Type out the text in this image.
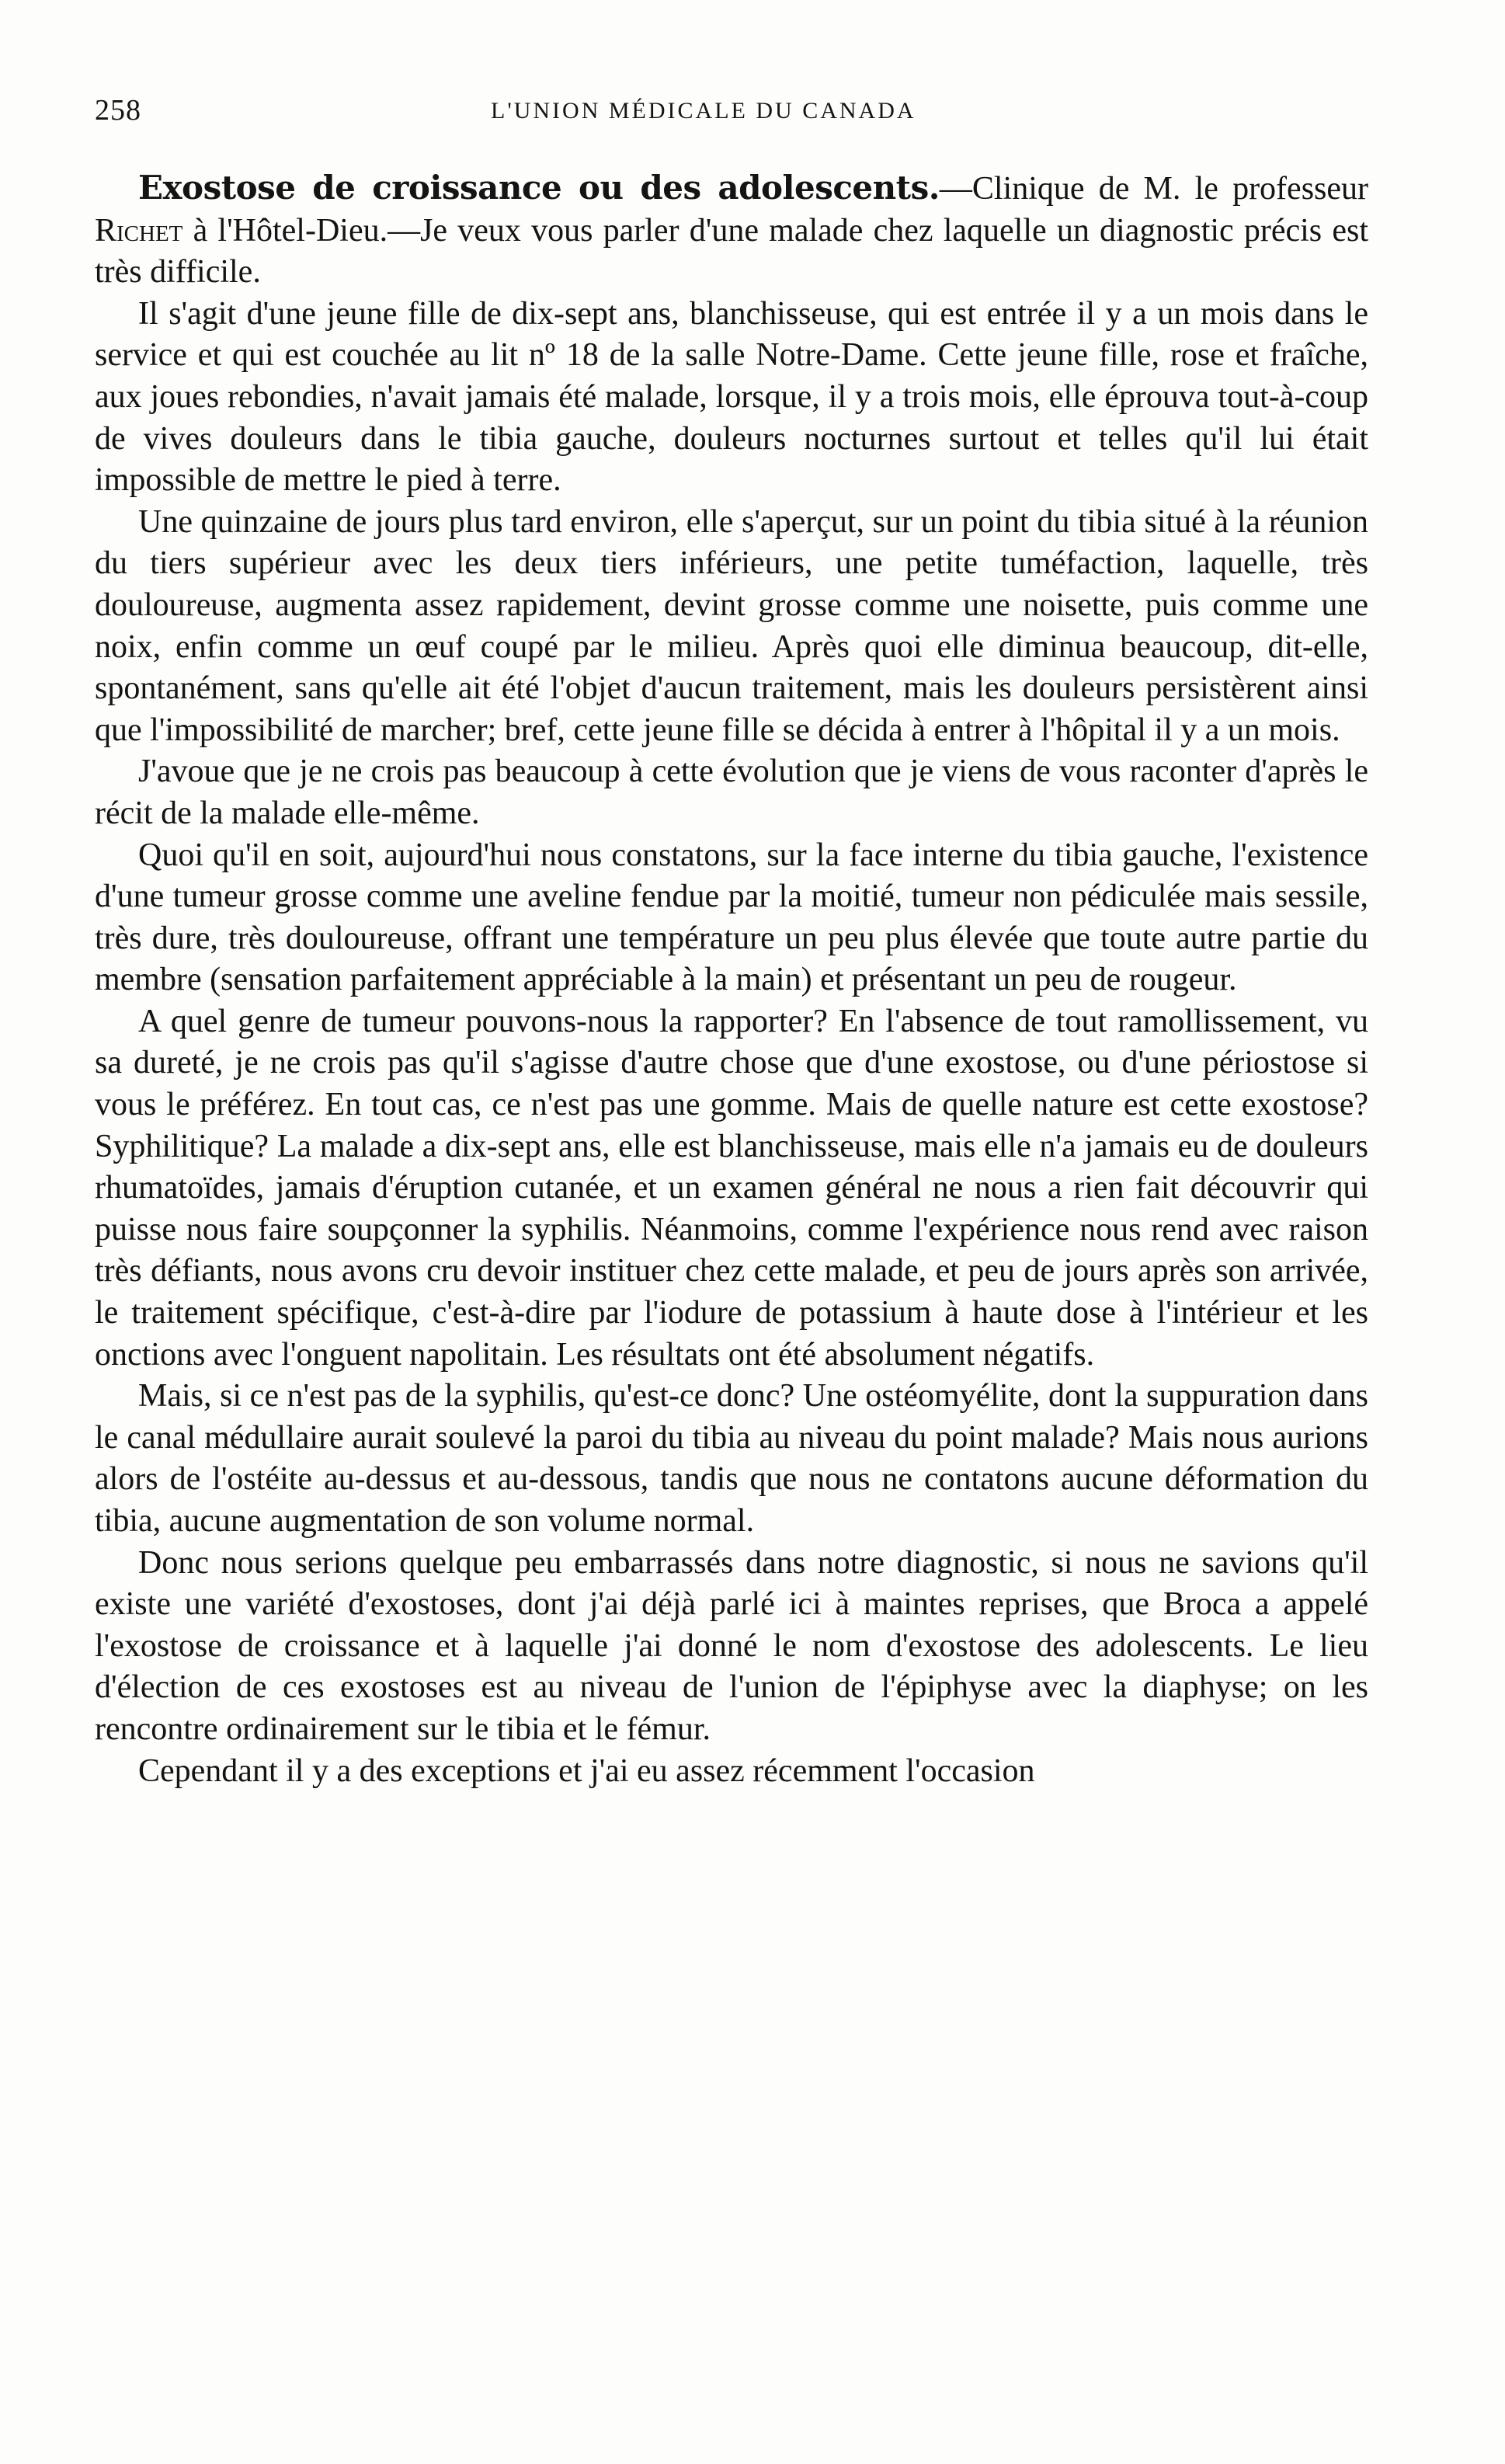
258	L'UNION MÉDICALE DU CANADA

Exostose de croissance ou des adolescents.—Clinique de M. le professeur Richet à l'Hôtel-Dieu.—Je veux vous parler d'une malade chez laquelle un diagnostic précis est très difficile.

Il s'agit d'une jeune fille de dix-sept ans, blanchisseuse, qui est entrée il y a un mois dans le service et qui est couchée au lit nº 18 de la salle Notre-Dame. Cette jeune fille, rose et fraîche, aux joues rebondies, n'avait jamais été malade, lorsque, il y a trois mois, elle éprouva tout-à-coup de vives douleurs dans le tibia gauche, douleurs nocturnes surtout et telles qu'il lui était impossible de mettre le pied à terre.

Une quinzaine de jours plus tard environ, elle s'aperçut, sur un point du tibia situé à la réunion du tiers supérieur avec les deux tiers inférieurs, une petite tuméfaction, laquelle, très douloureuse, augmenta assez rapidement, devint grosse comme une noisette, puis comme une noix, enfin comme un œuf coupé par le milieu. Après quoi elle diminua beaucoup, dit-elle, spontanément, sans qu'elle ait été l'objet d'aucun traitement, mais les douleurs persistèrent ainsi que l'impossibilité de marcher; bref, cette jeune fille se décida à entrer à l'hôpital il y a un mois.

J'avoue que je ne crois pas beaucoup à cette évolution que je viens de vous raconter d'après le récit de la malade elle-même.

Quoi qu'il en soit, aujourd'hui nous constatons, sur la face interne du tibia gauche, l'existence d'une tumeur grosse comme une aveline fendue par la moitié, tumeur non pédiculée mais sessile, très dure, très douloureuse, offrant une température un peu plus élevée que toute autre partie du membre (sensation parfaitement appréciable à la main) et présentant un peu de rougeur.

A quel genre de tumeur pouvons-nous la rapporter? En l'absence de tout ramollissement, vu sa dureté, je ne crois pas qu'il s'agisse d'autre chose que d'une exostose, ou d'une périostose si vous le préférez. En tout cas, ce n'est pas une gomme. Mais de quelle nature est cette exostose? Syphilitique? La malade a dix-sept ans, elle est blanchisseuse, mais elle n'a jamais eu de douleurs rhumatoïdes, jamais d'éruption cutanée, et un examen général ne nous a rien fait découvrir qui puisse nous faire soupçonner la syphilis. Néanmoins, comme l'expérience nous rend avec raison très défiants, nous avons cru devoir instituer chez cette malade, et peu de jours après son arrivée, le traitement spécifique, c'est-à-dire par l'iodure de potassium à haute dose à l'intérieur et les onctions avec l'onguent napolitain. Les résultats ont été absolument négatifs.

Mais, si ce n'est pas de la syphilis, qu'est-ce donc? Une ostéomyélite, dont la suppuration dans le canal médullaire aurait soulevé la paroi du tibia au niveau du point malade? Mais nous aurions alors de l'ostéite au-dessus et au-dessous, tandis que nous ne contatons aucune déformation du tibia, aucune augmentation de son volume normal.

Donc nous serions quelque peu embarrassés dans notre diagnostic, si nous ne savions qu'il existe une variété d'exostoses, dont j'ai déjà parlé ici à maintes reprises, que Broca a appelé l'exostose de croissance et à laquelle j'ai donné le nom d'exostose des adolescents. Le lieu d'élection de ces exostoses est au niveau de l'union de l'épiphyse avec la diaphyse; on les rencontre ordinairement sur le tibia et le fémur.

Cependant il y a des exceptions et j'ai eu assez récemment l'occasion
